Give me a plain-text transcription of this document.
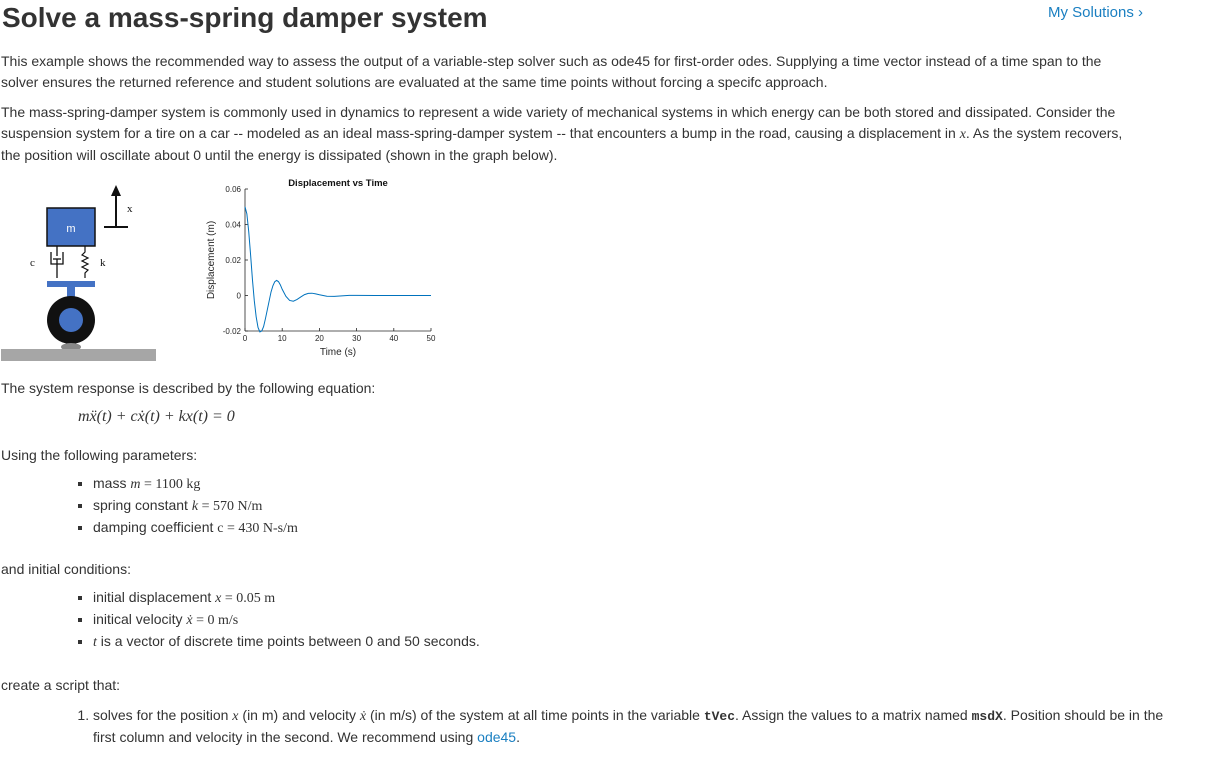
Solve a mass-spring damper system	My Solutions ›

This example shows the recommended way to assess the output of a variable-step solver such as ode45 for first-order odes. Supplying a time vector instead of a time span to the solver ensures the returned reference and student solutions are evaluated at the same time points without forcing a specifc approach.

The mass-spring-damper system is commonly used in dynamics to represent a wide variety of mechanical systems in which energy can be both stored and dissipated. Consider the suspension system for a tire on a car -- modeled as an ideal mass-spring-damper system -- that encounters a bump in the road, causing a displacement in x. As the system recovers, the position will oscillate about 0 until the energy is dissipated (shown in the graph below).

x
m
c	k
0	10	20	30	40	50
-0.02
0
0.02
0.04
0.06
Displacement vs Time
Time (s)
Displacement (m)

The system response is described by the following equation:

mẍ(t) + cẋ(t) + kx(t) = 0

Using the following parameters:

▪ mass m = 1100 kg
▪ spring constant k = 570 N/m
▪ damping coefficient c = 430 N-s/m

and initial conditions:

▪ initial displacement x = 0.05 m
▪ initical velocity ẋ = 0 m/s
▪ t is a vector of discrete time points between 0 and 50 seconds.

create a script that:

1. solves for the position x (in m) and velocity ẋ (in m/s) of the system at all time points in the variable tVec. Assign the values to a matrix named msdX. Position should be in the first column and velocity in the second. We recommend using ode45.
